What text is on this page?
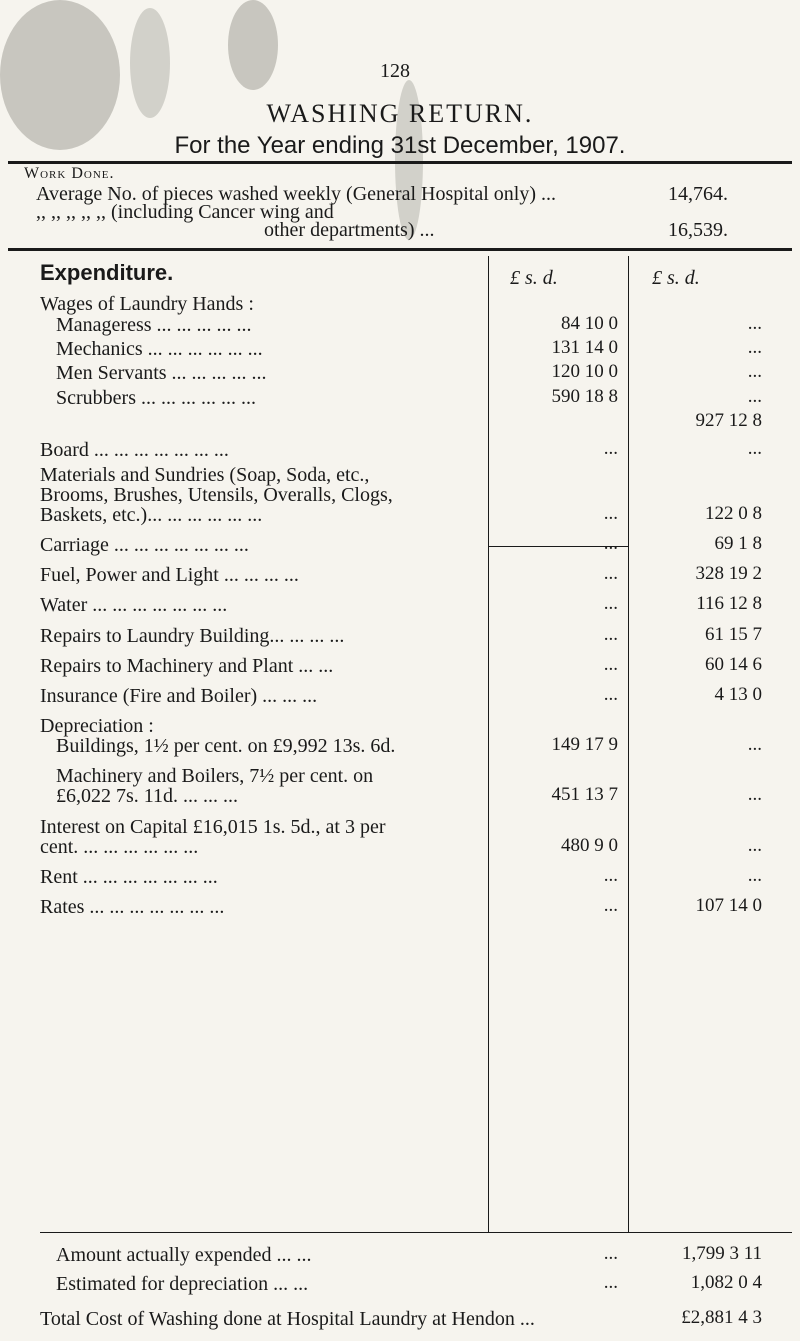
128
WASHING RETURN.
For the Year ending 31st December, 1907.
Work Done.
Average No. of pieces washed weekly (General Hospital only) ...	14,764.
,, ,, ,, ,, ,, (including Cancer wing and
other departments) ...	16,539.
Expenditure.	£ s. d.	£ s. d.
Wages of Laundry Hands :
Manageress ... ... ... ... ...	84 10 0	...
Mechanics ... ... ... ... ... ...	131 14 0	...
Men Servants ... ... ... ... ...	120 10 0	...
Scrubbers ... ... ... ... ... ...	590 18 8	...
927 12 8
Board ... ... ... ... ... ... ...	...	...
Materials and Sundries (Soap, Soda, etc.,
Brooms, Brushes, Utensils, Overalls, Clogs,
Baskets, etc.)... ... ... ... ... ...	...	122 0 8
Carriage ... ... ... ... ... ... ...	...	69 1 8
Fuel, Power and Light ... ... ... ...	...	328 19 2
Water ... ... ... ... ... ... ...	...	116 12 8
Repairs to Laundry Building... ... ... ...	...	61 15 7
Repairs to Machinery and Plant ... ...	...	60 14 6
Insurance (Fire and Boiler) ... ... ...	...	4 13 0
Depreciation :
Buildings, 1½ per cent. on £9,992 13s. 6d.	149 17 9	...
Machinery and Boilers, 7½ per cent. on
£6,022 7s. 11d. ... ... ...	451 13 7	...
Interest on Capital £16,015 1s. 5d., at 3 per
cent. ... ... ... ... ... ...	480 9 0	...
Rent ... ... ... ... ... ... ...	...	...
Rates ... ... ... ... ... ... ...	...	107 14 0
Amount actually expended ... ...	...	1,799 3 11
Estimated for depreciation ... ...	...	1,082 0 4
Total Cost of Washing done at Hospital Laundry at Hendon ...	£2,881 4 3
